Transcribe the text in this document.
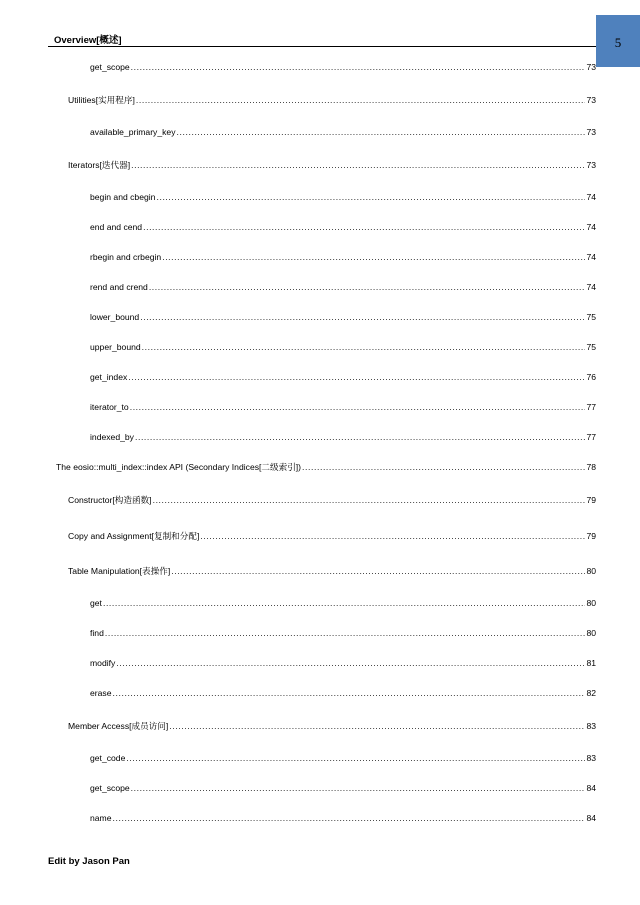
5
Overview[概述]
get_scope .....	73
Utilities[实用程序] .....	73
available_primary_key .....	73
Iterators[迭代器] .....	73
begin and cbegin .....	74
end and cend .....	74
rbegin and crbegin .....	74
rend and crend .....	74
lower_bound .....	75
upper_bound .....	75
get_index .....	76
iterator_to .....	77
indexed_by .....	77
The eosio::multi_index::index API (Secondary Indices[二级索引]) .....	78
Constructor[构造函数] .....	79
Copy and Assignment[复制和分配] .....	79
Table Manipulation[表操作] .....	80
get .....	80
find .....	80
modify .....	81
erase .....	82
Member Access[成员访问] .....	83
get_code .....	83
get_scope .....	84
name .....	84
Edit by Jason Pan
